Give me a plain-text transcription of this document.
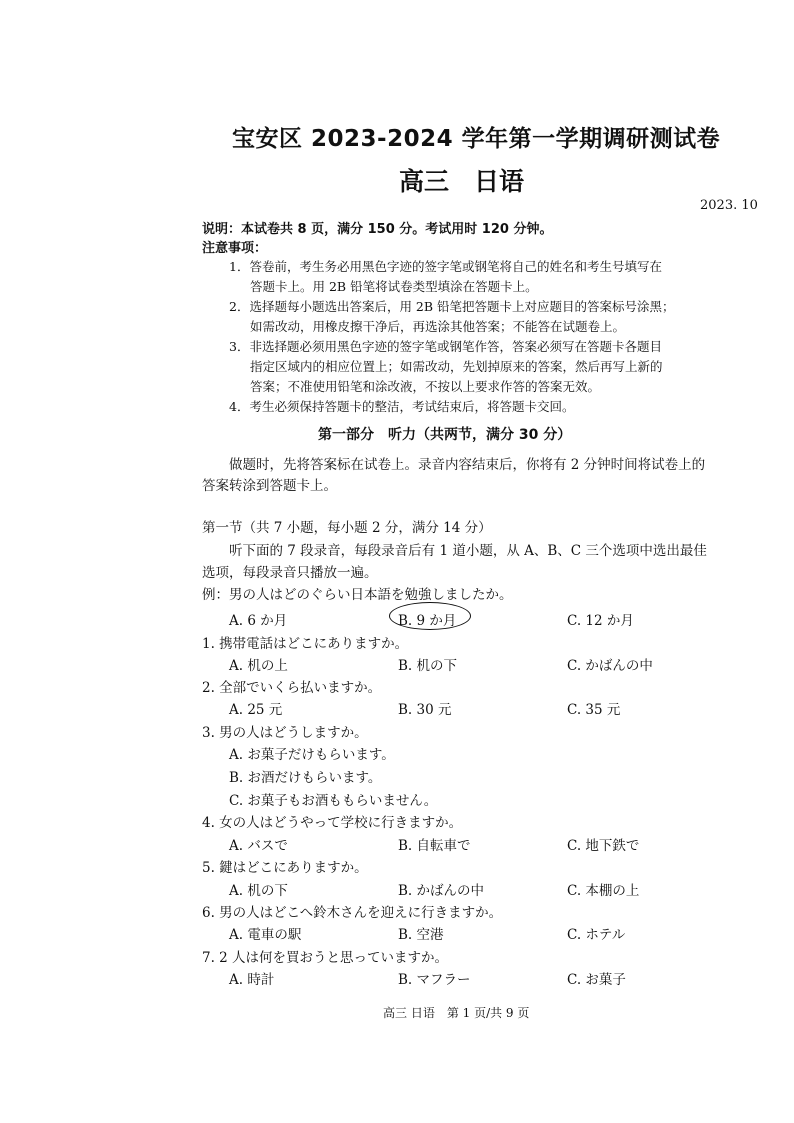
宝安区 2023-2024 学年第一学期调研测试卷
高三　日语
2023. 10
说明：本试卷共 8 页，满分 150 分。考试用时 120 分钟。
注意事项：
1．答卷前，考生务必用黑色字迹的签字笔或钢笔将自己的姓名和考生号填写在
答题卡上。用 2B 铅笔将试卷类型填涂在答题卡上。
2．选择题每小题选出答案后，用 2B 铅笔把答题卡上对应题目的答案标号涂黑；
如需改动，用橡皮擦干净后，再选涂其他答案；不能答在试题卷上。
3．非选择题必须用黑色字迹的签字笔或钢笔作答，答案必须写在答题卡各题目
指定区域内的相应位置上；如需改动，先划掉原来的答案，然后再写上新的
答案；不准使用铅笔和涂改液，不按以上要求作答的答案无效。
4．考生必须保持答题卡的整洁，考试结束后，将答题卡交回。
第一部分　听力（共两节，满分 30 分）
做题时，先将答案标在试卷上。录音内容结束后，你将有 2 分钟时间将试卷上的
答案转涂到答题卡上。
第一节（共 7 小题，每小题 2 分，满分 14 分）
听下面的 7 段录音，每段录音后有 1 道小题，从 A、B、C 三个选项中选出最佳
选项，每段录音只播放一遍。
例：男の人はどのぐらい日本語を勉強しましたか。
A. 6 か月	B. 9 か月	C. 12 か月
1. 携帯電話はどこにありますか。
A. 机の上	B. 机の下	C. かばんの中
2. 全部でいくら払いますか。
A. 25 元	B. 30 元	C. 35 元
3. 男の人はどうしますか。
A. お菓子だけもらいます。
B. お酒だけもらいます。
C. お菓子もお酒ももらいません。
4. 女の人はどうやって学校に行きますか。
A. バスで	B. 自転車で	C. 地下鉄で
5. 鍵はどこにありますか。
A. 机の下	B. かばんの中	C. 本棚の上
6. 男の人はどこへ鈴木さんを迎えに行きますか。
A. 電車の駅	B. 空港	C. ホテル
7. 2 人は何を買おうと思っていますか。
A. 時計	B. マフラー	C. お菓子
高三 日语　第 1 页/共 9 页
